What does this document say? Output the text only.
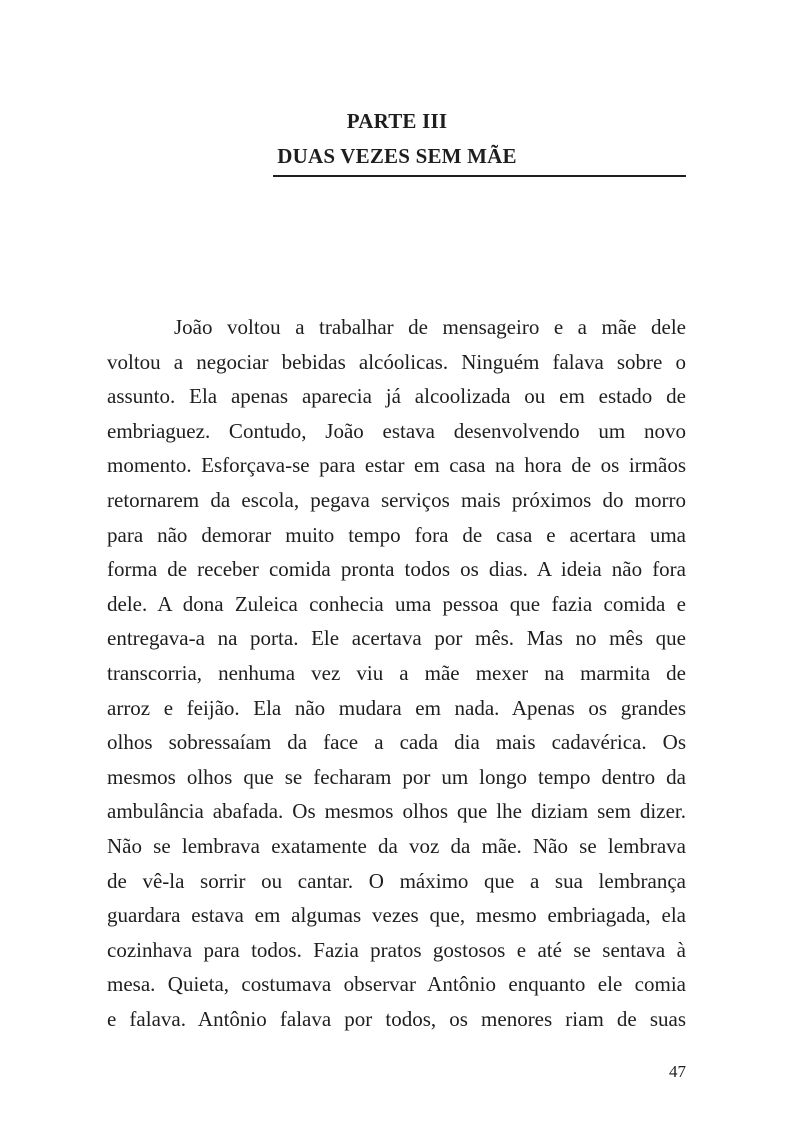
PARTE III
DUAS VEZES SEM MÃE
João voltou a trabalhar de mensageiro e a mãe dele
voltou a negociar bebidas alcóolicas. Ninguém falava sobre o
assunto. Ela apenas aparecia já alcoolizada ou em estado de
embriaguez. Contudo, João estava desenvolvendo um novo
momento. Esforçava-se para estar em casa na hora de os irmãos
retornarem da escola, pegava serviços mais próximos do morro
para não demorar muito tempo fora de casa e acertara uma
forma de receber comida pronta todos os dias. A ideia não fora
dele. A dona Zuleica conhecia uma pessoa que fazia comida e
entregava-a na porta. Ele acertava por mês. Mas no mês que
transcorria, nenhuma vez viu a mãe mexer na marmita de
arroz e feijão. Ela não mudara em nada. Apenas os grandes
olhos sobressaíam da face a cada dia mais cadavérica. Os
mesmos olhos que se fecharam por um longo tempo dentro da
ambulância abafada. Os mesmos olhos que lhe diziam sem dizer.
Não se lembrava exatamente da voz da mãe. Não se lembrava
de vê-la sorrir ou cantar. O máximo que a sua lembrança
guardara estava em algumas vezes que, mesmo embriagada, ela
cozinhava para todos. Fazia pratos gostosos e até se sentava à
mesa. Quieta, costumava observar Antônio enquanto ele comia
e falava. Antônio falava por todos, os menores riam de suas
47
